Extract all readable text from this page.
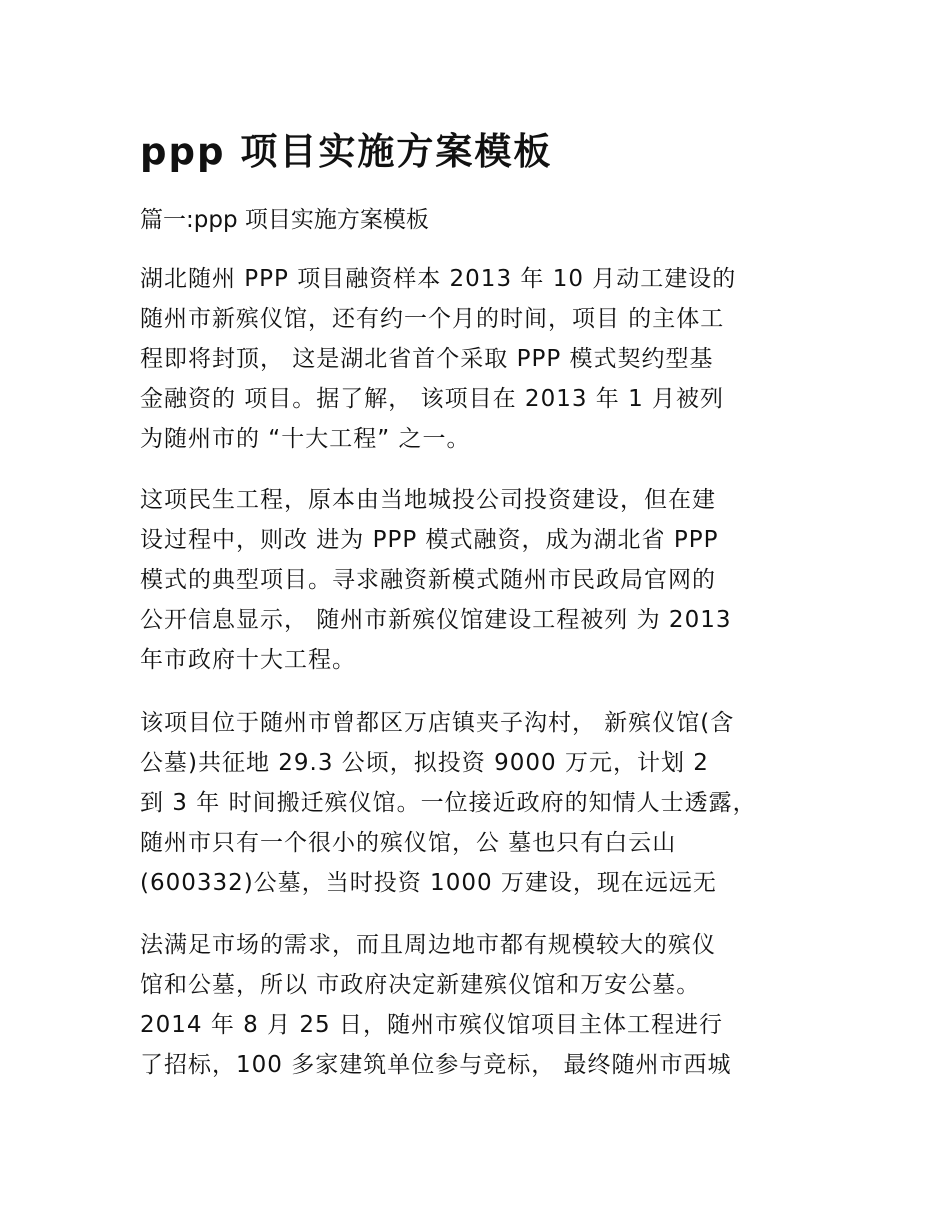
ppp 项目实施方案模板
篇一:ppp 项目实施方案模板
湖北随州 PPP 项目融资样本 2013 年 10 月动工建设的
随州市新殡仪馆，还有约一个月的时间，项目 的主体工
程即将封顶， 这是湖北省首个采取 PPP 模式契约型基
金融资的 项目。据了解， 该项目在 2013 年 1 月被列
为随州市的 “十大工程” 之一。
这项民生工程，原本由当地城投公司投资建设，但在建
设过程中，则改 进为 PPP 模式融资，成为湖北省 PPP
模式的典型项目。寻求融资新模式随州市民政局官网的
公开信息显示， 随州市新殡仪馆建设工程被列 为 2013
年市政府十大工程。
该项目位于随州市曾都区万店镇夹子沟村， 新殡仪馆(含
公墓)共征地 29.3 公顷，拟投资 9000 万元，计划 2
到 3 年 时间搬迁殡仪馆。一位接近政府的知情人士透露，
随州市只有一个很小的殡仪馆，公 墓也只有白云山
(600332)公墓，当时投资 1000 万建设，现在远远无
法满足市场的需求，而且周边地市都有规模较大的殡仪
馆和公墓，所以 市政府决定新建殡仪馆和万安公墓。
2014 年 8 月 25 日，随州市殡仪馆项目主体工程进行
了招标，100 多家建筑单位参与竞标， 最终随州市西城
